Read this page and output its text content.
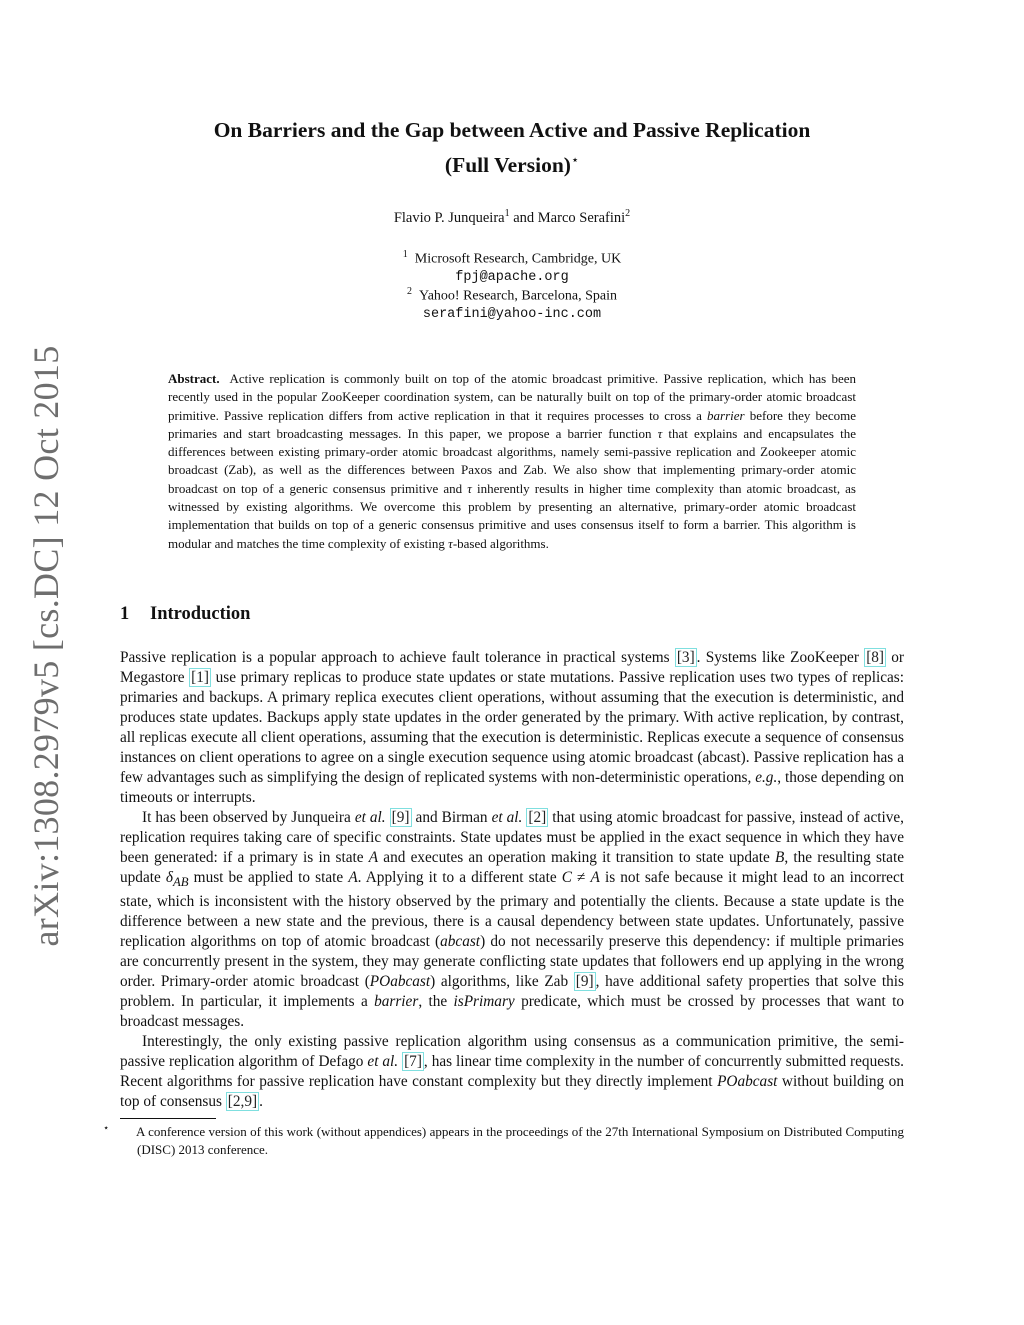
arXiv:1308.2979v5 [cs.DC] 12 Oct 2015
On Barriers and the Gap between Active and Passive Replication
(Full Version)⋆
Flavio P. Junqueira$^1$ and Marco Serafini$^2$
$^1$ Microsoft Research, Cambridge, UK
fpj@apache.org
$^2$ Yahoo! Research, Barcelona, Spain
serafini@yahoo-inc.com
Abstract. Active replication is commonly built on top of the atomic broadcast primitive. Passive replication, which has been recently used in the popular ZooKeeper coordination system, can be naturally built on top of the primary-order atomic broadcast primitive. Passive replication differs from active replication in that it requires processes to cross a barrier before they become primaries and start broadcasting messages. In this paper, we propose a barrier function τ that explains and encapsulates the differences between existing primary-order atomic broadcast algorithms, namely semi-passive replication and Zookeeper atomic broadcast (Zab), as well as the differences between Paxos and Zab. We also show that implementing primary-order atomic broadcast on top of a generic consensus primitive and τ inherently results in higher time complexity than atomic broadcast, as witnessed by existing algorithms. We overcome this problem by presenting an alternative, primary-order atomic broadcast implementation that builds on top of a generic consensus primitive and uses consensus itself to form a barrier. This algorithm is modular and matches the time complexity of existing τ-based algorithms.
1 Introduction

Passive replication is a popular approach to achieve fault tolerance in practical systems [3] . Systems like ZooKeeper [8] or Megastore [1] use primary replicas to produce state updates or state mutations. Passive replication uses two types of replicas: primaries and backups. A primary replica executes client operations, without assuming that the execution is deterministic, and produces state updates. Backups apply state updates in the order generated by the primary. With active replication, by contrast, all replicas execute all client operations, assuming that the execution is deterministic. Replicas execute a sequence of consensus instances on client operations to agree on a single execution sequence using atomic broadcast (abcast). Passive replication has a few advantages such as simplifying the design of replicated systems with non-deterministic operations, e.g., those depending on timeouts or interrupts.

It has been observed by Junqueira et al. [9] and Birman et al. [2] that using atomic broadcast for passive, instead of active, replication requires taking care of specific constraints. State updates must be applied in the exact sequence in which they have been generated: if a primary is in state A and executes an operation making it transition to state update B, the resulting state update $\delta_{AB}$ must be applied to state A. Applying it to a different state C ≠ A is not safe because it might lead to an incorrect state, which is inconsistent with the history observed by the primary and potentially the clients. Because a state update is the difference between a new state and the previous, there is a causal dependency between state updates. Unfortunately, passive replication algorithms on top of atomic broadcast (abcast) do not necessarily preserve this dependency: if multiple primaries are concurrently present in the system, they may generate conflicting state updates that followers end up applying in the wrong order. Primary-order atomic broadcast (POabcast) algorithms, like Zab [9] , have additional safety properties that solve this problem. In particular, it implements a barrier, the isPrimary predicate, which must be crossed by processes that want to broadcast messages.

Interestingly, the only existing passive replication algorithm using consensus as a communication primitive, the semi-passive replication algorithm of Defago et al. [7] , has linear time complexity in the number of concurrently submitted requests. Recent algorithms for passive replication have constant complexity but they directly implement POabcast without building on top of consensus [2,9] .

⋆ A conference version of this work (without appendices) appears in the proceedings of the 27th International Symposium on Distributed Computing (DISC) 2013 conference.
